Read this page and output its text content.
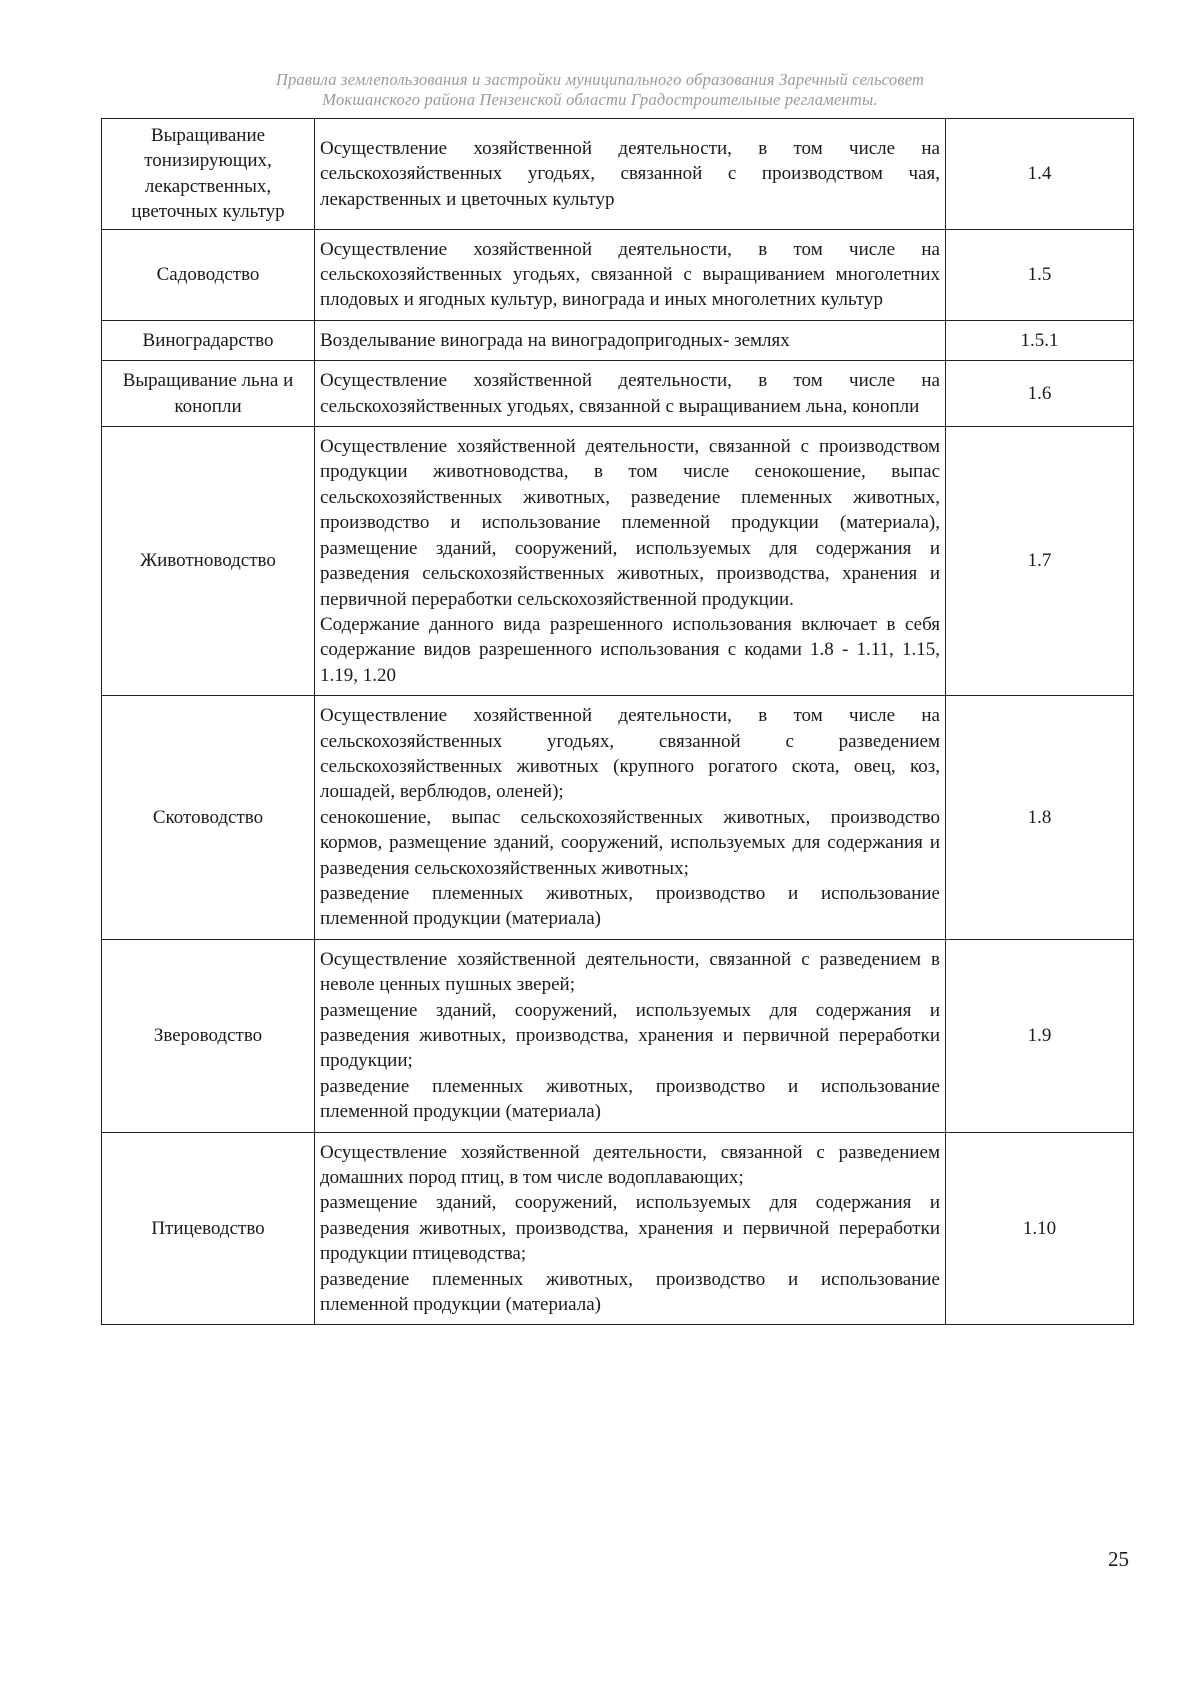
Правила землепользования и застройки муниципального образования Заречный сельсовет
Мокшанского района Пензенской области Градостроительные регламенты.
Выращивание тонизирующих, лекарственных, цветочных культур	Осуществление хозяйственной деятельности, в том числе на сельскохозяйственных угодьях, связанной с производством чая, лекарственных и цветочных культур	1.4
Садоводство	Осуществление хозяйственной деятельности, в том числе на сельскохозяйственных угодьях, связанной с выращиванием многолетних плодовых и ягодных культур, винограда и иных многолетних культур	1.5
Виноградарство	Возделывание винограда на виноградопригодных- землях	1.5.1
Выращивание льна и конопли	Осуществление хозяйственной деятельности, в том числе на сельскохозяйственных угодьях, связанной с выращиванием льна, конопли	1.6
Животноводство	Осуществление хозяйственной деятельности, связанной с производством продукции животноводства, в том числе сенокошение, выпас сельскохозяйственных животных, разведение племенных животных, производство и использование племенной продукции (материала), размещение зданий, сооружений, используемых для содержания и разведения сельскохозяйственных животных, производства, хранения и первичной переработки сельскохозяйственной продукции.

Содержание данного вида разрешенного использования включает в себя содержание видов разрешенного использования с кодами 1.8 - 1.11, 1.15, 1.19, 1.20	1.7
Скотоводство	Осуществление хозяйственной деятельности, в том числе на сельскохозяйственных угодьях, связанной с разведением сельскохозяйственных животных (крупного рогатого скота, овец, коз, лошадей, верблюдов, оленей);

сенокошение, выпас сельскохозяйственных животных, производство кормов, размещение зданий, сооружений, используемых для содержания и разведения сельскохозяйственных животных;

разведение племенных животных, производство и использование племенной продукции (материала)	1.8
Звероводство	Осуществление хозяйственной деятельности, связанной с разведением в неволе ценных пушных зверей;

размещение зданий, сооружений, используемых для содержания и разведения животных, производства, хранения и первичной переработки продукции;

разведение племенных животных, производство и использование племенной продукции (материала)	1.9
Птицеводство	Осуществление хозяйственной деятельности, связанной с разведением домашних пород птиц, в том числе водоплавающих;

размещение зданий, сооружений, используемых для содержания и разведения животных, производства, хранения и первичной переработки продукции птицеводства;

разведение племенных животных, производство и использование племенной продукции (материала)	1.10
25
